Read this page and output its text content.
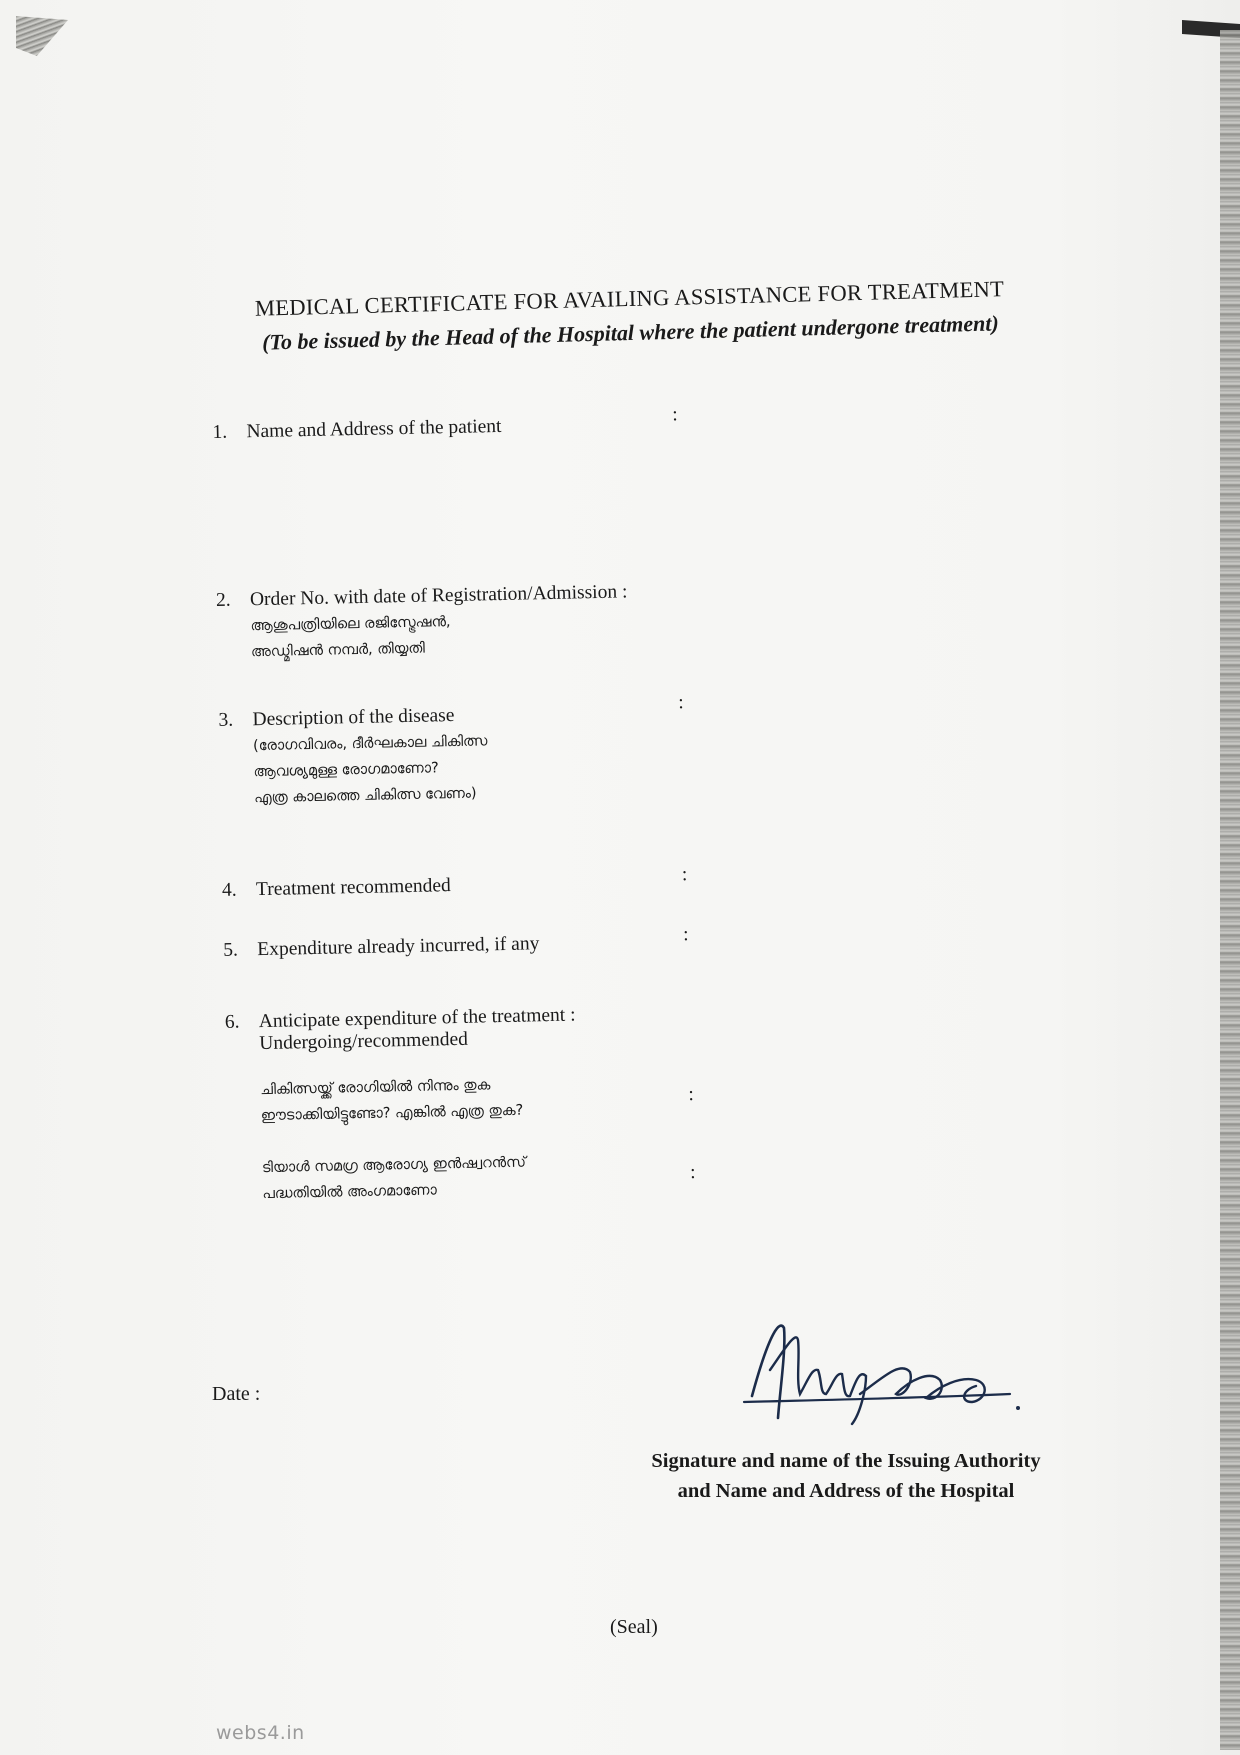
MEDICAL CERTIFICATE FOR AVAILING ASSISTANCE FOR TREATMENT
(To be issued by the Head of the Hospital where the patient undergone treatment)
1. Name and Address of the patient
:
2. Order No. with date of Registration/Admission :
ആശുപത്രിയിലെ രജിസ്ട്രേഷൻ,
അഡ്മിഷൻ നമ്പർ, തിയ്യതി
3. Description of the disease
(രോഗവിവരം, ദീർഘകാല ചികിത്സ
ആവശ്യമുള്ള രോഗമാണോ?
എത്ര കാലത്തെ ചികിത്സ വേണം)
:
4. Treatment recommended
:
5. Expenditure already incurred, if any	:
6. Anticipate expenditure of the treatment :
Undergoing/recommended
ചികിത്സയ്ക്ക് രോഗിയിൽ നിന്നും തുക
ഈടാക്കിയിട്ടുണ്ടോ? എങ്കിൽ എത്ര തുക?
ടിയാൾ സമഗ്ര ആരോഗ്യ ഇൻഷ്വറൻസ്
പദ്ധതിയിൽ അംഗമാണോ
:
:
Date :
Signature and name of the Issuing Authority
and Name and Address of the Hospital
(Seal)
webs4.in
